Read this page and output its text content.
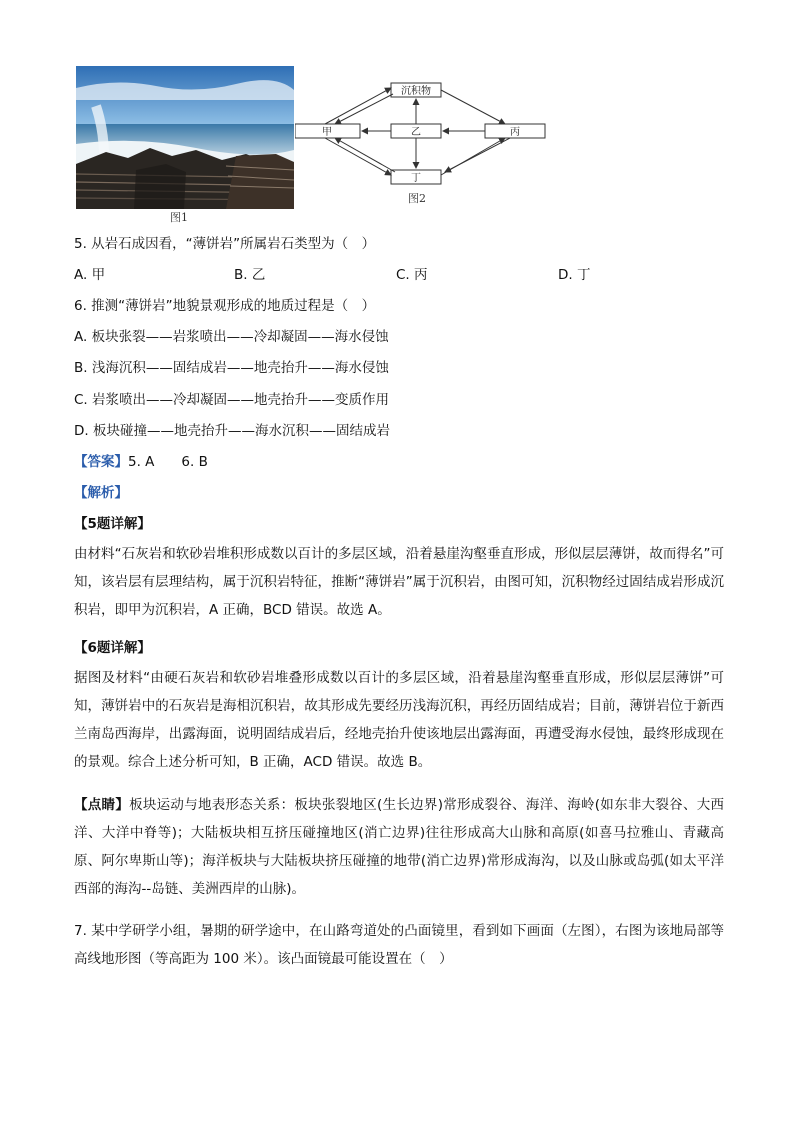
图1
沉积物
甲	乙	丙
丁
图2
5. 从岩石成因看，“薄饼岩”所属岩石类型为（　）
A. 甲	B. 乙	C. 丙	D. 丁
6. 推测“薄饼岩”地貌景观形成的地质过程是（　）
A. 板块张裂——岩浆喷出——冷却凝固——海水侵蚀
B. 浅海沉积——固结成岩——地壳抬升——海水侵蚀
C. 岩浆喷出——冷却凝固——地壳抬升——变质作用
D. 板块碰撞——地壳抬升——海水沉积——固结成岩
【答案】5. A　　6. B
【解析】
【5题详解】
由材料“石灰岩和软砂岩堆积形成数以百计的多层区域，沿着悬崖沟壑垂直形成，形似层层薄饼，故而得名”可知，该岩层有层理结构，属于沉积岩特征，推断“薄饼岩”属于沉积岩，由图可知，沉积物经过固结成岩形成沉积岩，即甲为沉积岩，A 正确，BCD 错误。故选 A。
【6题详解】
据图及材料“由硬石灰岩和软砂岩堆叠形成数以百计的多层区域，沿着悬崖沟壑垂直形成，形似层层薄饼”可知，薄饼岩中的石灰岩是海相沉积岩，故其形成先要经历浅海沉积，再经历固结成岩；目前，薄饼岩位于新西兰南岛西海岸，出露海面，说明固结成岩后，经地壳抬升使该地层出露海面，再遭受海水侵蚀，最终形成现在的景观。综合上述分析可知，B 正确，ACD 错误。故选 B。
【点睛】板块运动与地表形态关系：板块张裂地区(生长边界)常形成裂谷、海洋、海岭(如东非大裂谷、大西洋、大洋中脊等)；大陆板块相互挤压碰撞地区(消亡边界)往往形成高大山脉和高原(如喜马拉雅山、青藏高原、阿尔卑斯山等)；海洋板块与大陆板块挤压碰撞的地带(消亡边界)常形成海沟，以及山脉或岛弧(如太平洋西部的海沟--岛链、美洲西岸的山脉)。
7. 某中学研学小组，暑期的研学途中，在山路弯道处的凸面镜里，看到如下画面（左图），右图为该地局部等高线地形图（等高距为 100 米）。该凸面镜最可能设置在（　）
